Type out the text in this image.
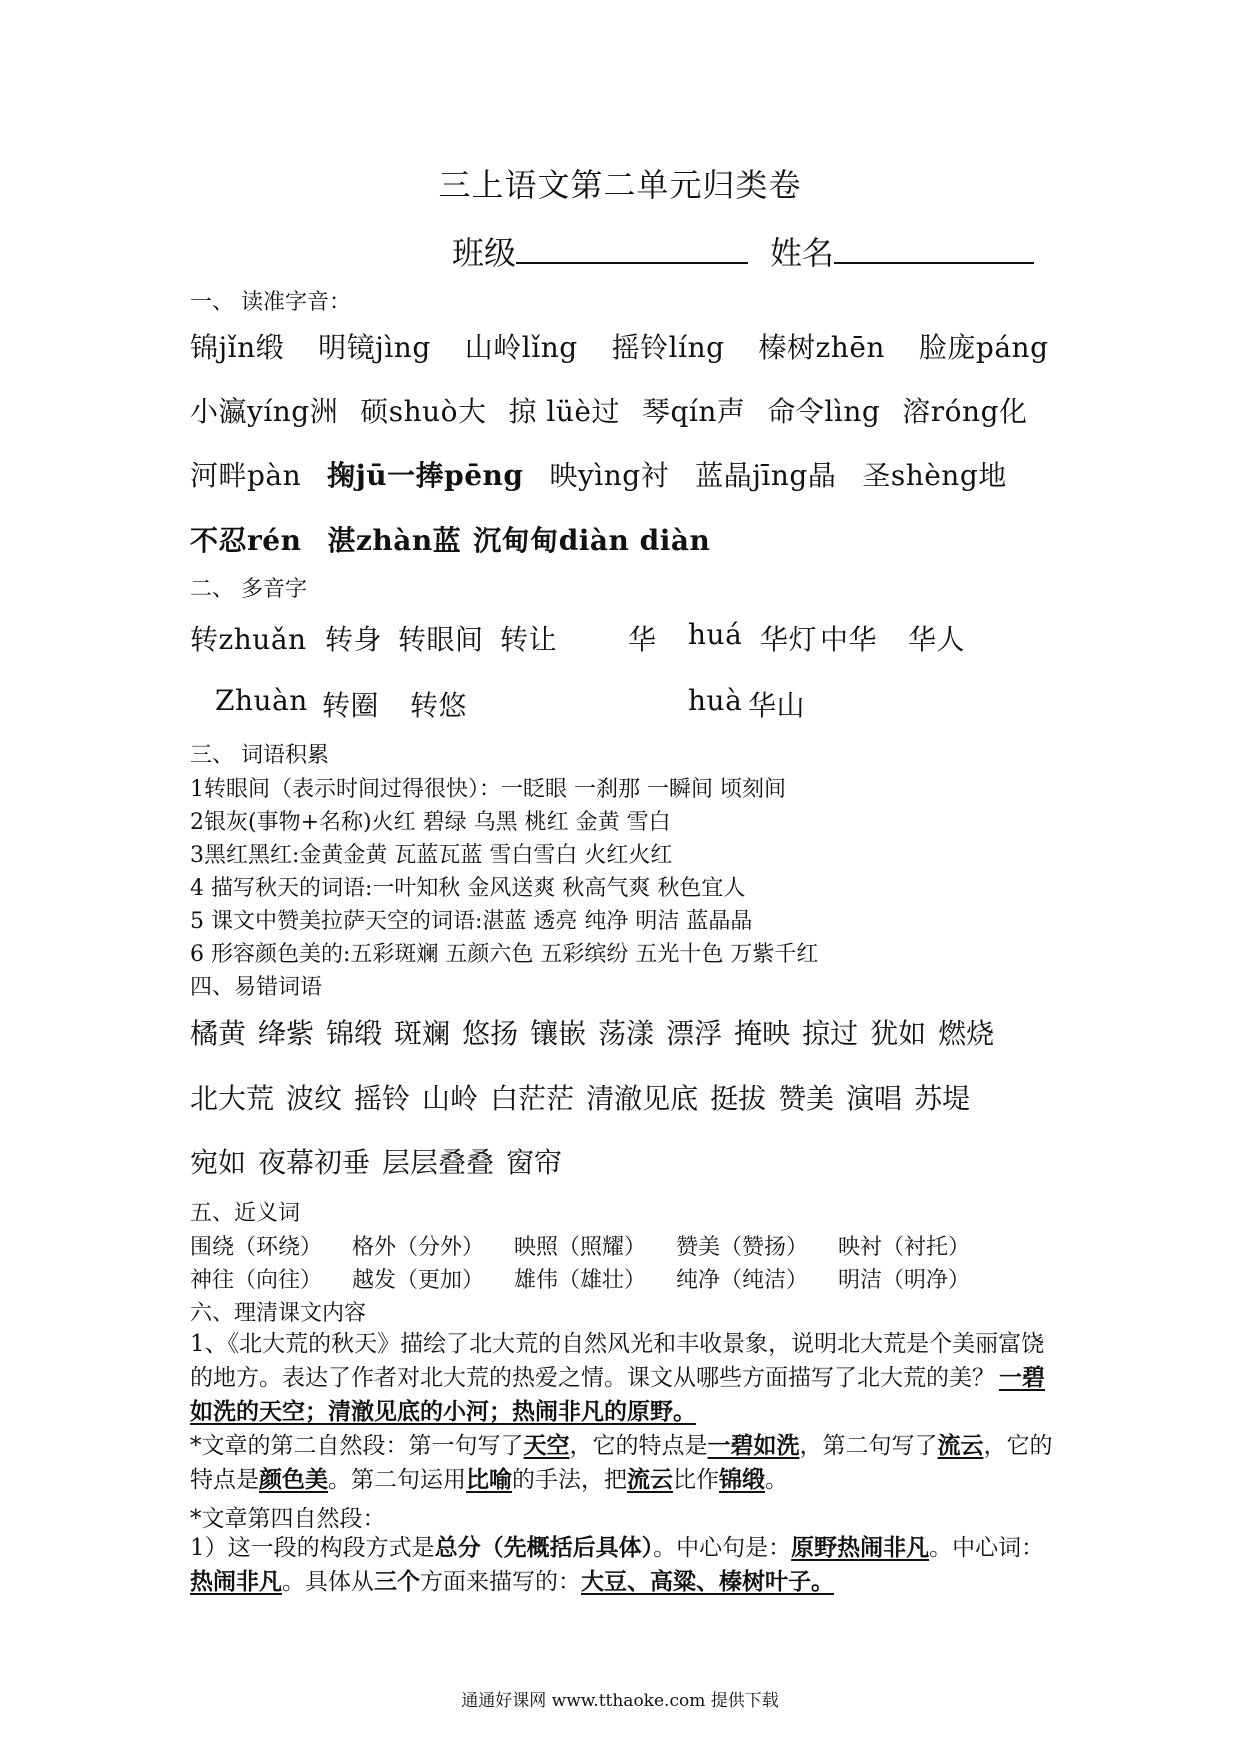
三上语文第二单元归类卷
班级	姓名
一、 读准字音：
锦jǐn缎 明镜jìng 山岭lǐng 摇铃líng 榛树zhēn 脸庞páng
小瀛yíng洲 硕shuò大 掠 lüè过 琴qín声 命令lìng 溶róng化
河畔pàn 掬jū一捧pēng 映yìng衬 蓝晶jīng晶 圣shèng地
不忍rén 湛zhàn蓝 沉甸甸diàn diàn
二、 多音字
转zhuǎn 转身 转眼间 转让	华 huá 华灯 中华 华人
Zhuàn 转圈 转悠	huà 华山
三、 词语积累
1转眼间（表示时间过得很快）：一眨眼 一刹那 一瞬间 顷刻间
2银灰(事物+名称)火红 碧绿 乌黑 桃红 金黄 雪白
3黑红黑红:金黄金黄 瓦蓝瓦蓝 雪白雪白 火红火红
4 描写秋天的词语:一叶知秋 金风送爽 秋高气爽 秋色宜人
5 课文中赞美拉萨天空的词语:湛蓝 透亮 纯净 明洁 蓝晶晶
6 形容颜色美的:五彩斑斓 五颜六色 五彩缤纷 五光十色 万紫千红
四、易错词语
橘黄 绛紫 锦缎 斑斓 悠扬 镶嵌 荡漾 漂浮 掩映 掠过 犹如 燃烧
北大荒 波纹 摇铃 山岭 白茫茫 清澈见底 挺拔 赞美 演唱 苏堤
宛如 夜幕初垂 层层叠叠 窗帘
五、近义词
围绕（环绕） 格外（分外） 映照（照耀） 赞美（赞扬） 映衬（衬托）
神往（向往） 越发（更加） 雄伟（雄壮） 纯净（纯洁） 明洁（明净）
六、理清课文内容
1、《北大荒的秋天》描绘了北大荒的自然风光和丰收景象，说明北大荒是个美丽富饶的地方。表达了作者对北大荒的热爱之情。课文从哪些方面描写了北大荒的美？ 一碧如洗的天空；清澈见底的小河；热闹非凡的原野。
*文章的第二自然段：第一句写了天空，它的特点是一碧如洗，第二句写了流云，它的特点是颜色美。第二句运用比喻的手法，把流云比作锦缎。
*文章第四自然段：
1）这一段的构段方式是总分（先概括后具体）。中心句是：原野热闹非凡。中心词：热闹非凡。具体从三个方面来描写的：大豆、高粱、榛树叶子。
通通好课网 www.tthaoke.com 提供下载
